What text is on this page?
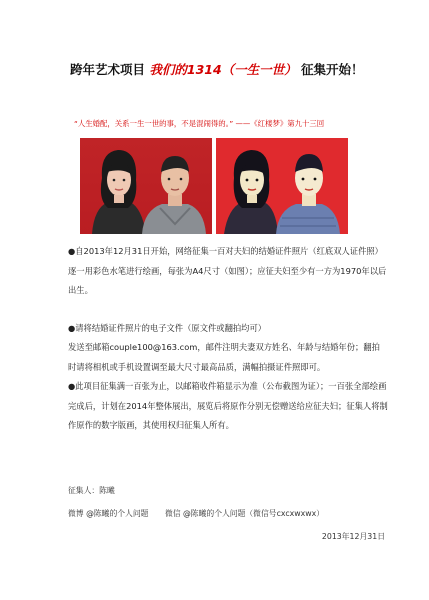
跨年艺术项目 我们的1314（一生一世） 征集开始！
“人生婚配，关系一生一世的事，不是混闹得的。” ——《红楼梦》第九十三回
●自2013年12月31日开始，网络征集一百对夫妇的结婚证件照片（红底双人证件照）逐一用彩色水笔进行绘画，每张为A4尺寸（如图）；应征夫妇至少有一方为1970年以后出生。
●请将结婚证件照片的电子文件（原文件或翻拍均可）
发送至邮箱couple100@163.com，邮件注明夫妻双方姓名、年龄与结婚年份；翻拍时请将相机或手机设置调至最大尺寸最高品质，满幅拍摄证件照即可。
●此项目征集满一百张为止，以邮箱收件箱显示为准（公布截图为证）；一百张全部绘画完成后，计划在2014年整体展出，展览后将原作分别无偿赠送给应征夫妇；征集人将制作原作的数字版画，其使用权归征集人所有。
征集人：陈曦
微博 @陈曦的个人问题 微信 @陈曦的个人问题（微信号cxcxwxwx）
2013年12月31日
